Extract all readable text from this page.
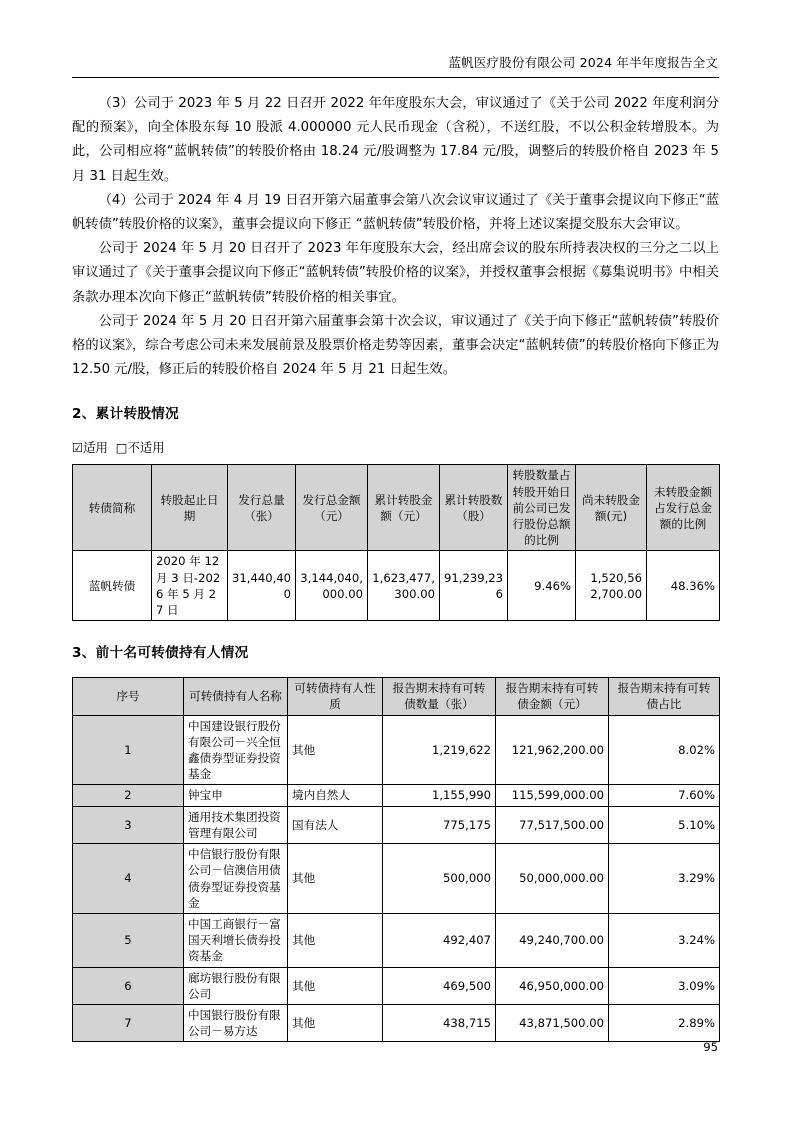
蓝帆医疗股份有限公司 2024 年半年度报告全文

（3）公司于 2023 年 5 月 22 日召开 2022 年年度股东大会，审议通过了《关于公司 2022 年度利润分配的预案》，向全体股东每 10 股派 4.000000 元人民币现金（含税），不送红股，不以公积金转增股本。为此，公司相应将“蓝帆转债”的转股价格由 18.24 元/股调整为 17.84 元/股，调整后的转股价格自 2023 年 5 月 31 日起生效。

（4）公司于 2024 年 4 月 19 日召开第六届董事会第八次会议审议通过了《关于董事会提议向下修正“蓝帆转债”转股价格的议案》，董事会提议向下修正 “蓝帆转债”转股价格，并将上述议案提交股东大会审议。

公司于 2024 年 5 月 20 日召开了 2023 年年度股东大会，经出席会议的股东所持表决权的三分之二以上审议通过了《关于董事会提议向下修正“蓝帆转债”转股价格的议案》，并授权董事会根据《募集说明书》中相关条款办理本次向下修正“蓝帆转债”转股价格的相关事宜。

公司于 2024 年 5 月 20 日召开第六届董事会第十次会议，审议通过了《关于向下修正“蓝帆转债”转股价格的议案》，综合考虑公司未来发展前景及股票价格走势等因素，董事会决定“蓝帆转债”的转股价格向下修正为 12.50 元/股，修正后的转股价格自 2024 年 5 月 21 日起生效。

2、累计转股情况
☑适用 □不适用
转债简称	转股起止日期	发行总量（张）	发行总金额（元）	累计转股金额（元）	累计转股数（股）	转股数量占转股开始日前公司已发行股份总额的比例	尚未转股金额(元)	未转股金额占发行总金额的比例
蓝帆转债	2020 年 12 月 3 日-2026 年 5 月 27 日	31,440,400	3,144,040,000.00	1,623,477,300.00	91,239,236	9.46%	1,520,562,700.00	48.36%
3、前十名可转债持有人情况
序号	可转债持有人名称	可转债持有人性质	报告期末持有可转债数量（张）	报告期末持有可转债金额（元）	报告期末持有可转债占比
1	中国建设银行股份有限公司－兴全恒鑫债券型证券投资基金	其他	1,219,622	121,962,200.00	8.02%
2	钟宝申	境内自然人	1,155,990	115,599,000.00	7.60%
3	通用技术集团投资管理有限公司	国有法人	775,175	77,517,500.00	5.10%
4	中信银行股份有限公司－信澳信用债债券型证券投资基金	其他	500,000	50,000,000.00	3.29%
5	中国工商银行－富国天利增长债券投资基金	其他	492,407	49,240,700.00	3.24%
6	廊坊银行股份有限公司	其他	469,500	46,950,000.00	3.09%
7	中国银行股份有限公司－易方达	其他	438,715	43,871,500.00	2.89%
95
